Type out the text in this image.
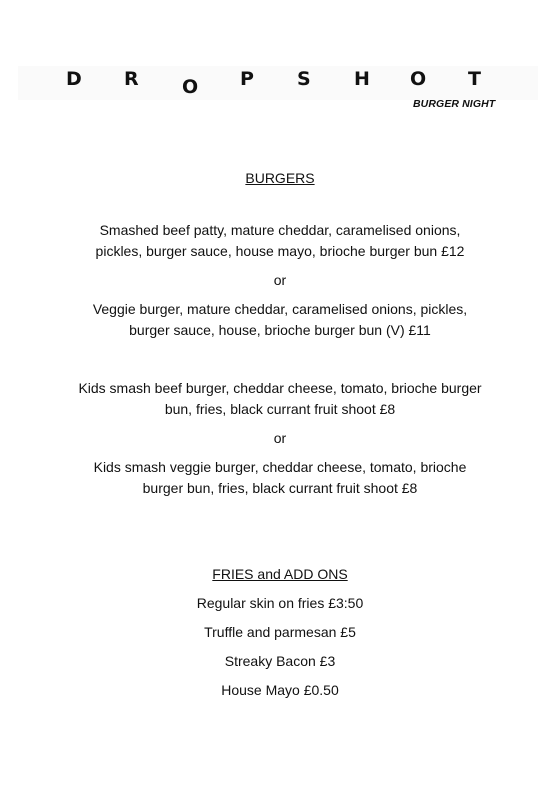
D R O P S H O T
BURGER NIGHT

BURGERS

Smashed beef patty, mature cheddar, caramelised onions,

pickles, burger sauce, house mayo, brioche burger bun £12

or

Veggie burger, mature cheddar, caramelised onions, pickles,

burger sauce, house, brioche burger bun (V) £11

Kids smash beef burger, cheddar cheese, tomato, brioche burger

bun, fries, black currant fruit shoot £8

or

Kids smash veggie burger, cheddar cheese, tomato, brioche

burger bun, fries, black currant fruit shoot £8

FRIES and ADD ONS

Regular skin on fries £3:50

Truffle and parmesan £5

Streaky Bacon £3

House Mayo £0.50
